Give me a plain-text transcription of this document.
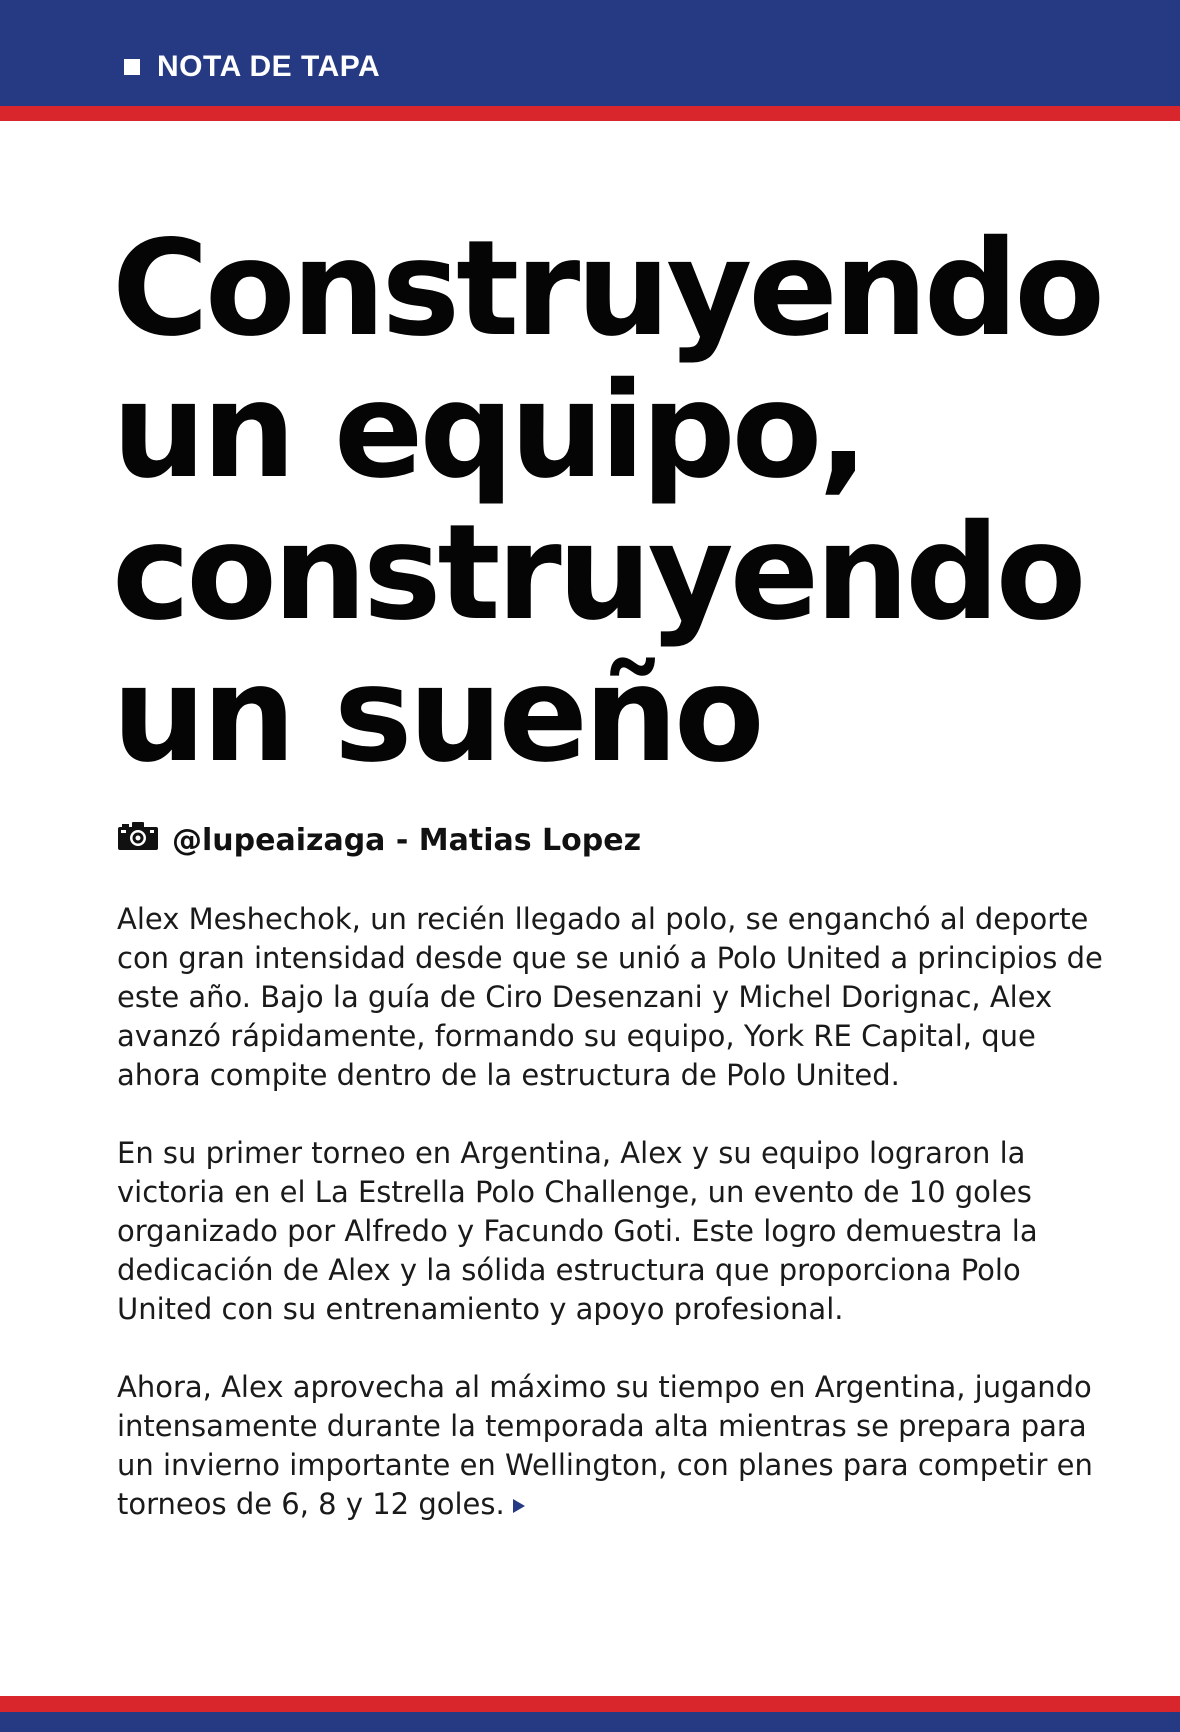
NOTA DE TAPA
Construyendo
un equipo,
construyendo
un sueño
@lupeaizaga - Matias Lopez

Alex Meshechok, un recién llegado al polo, se enganchó al deporte con gran intensidad desde que se unió a Polo United a principios de este año. Bajo la guía de Ciro Desenzani y Michel Dorignac, Alex avanzó rápidamente, formando su equipo, York RE Capital, que ahora compite dentro de la estructura de Polo United.

En su primer torneo en Argentina, Alex y su equipo lograron la victoria en el La Estrella Polo Challenge, un evento de 10 goles organizado por Alfredo y Facundo Goti. Este logro demuestra la dedicación de Alex y la sólida estructura que proporciona Polo United con su entrenamiento y apoyo profesional.

Ahora, Alex aprovecha al máximo su tiempo en Argentina, jugando intensamente durante la temporada alta mientras se prepara para un invierno importante en Wellington, con planes para competir en torneos de 6, 8 y 12 goles.
